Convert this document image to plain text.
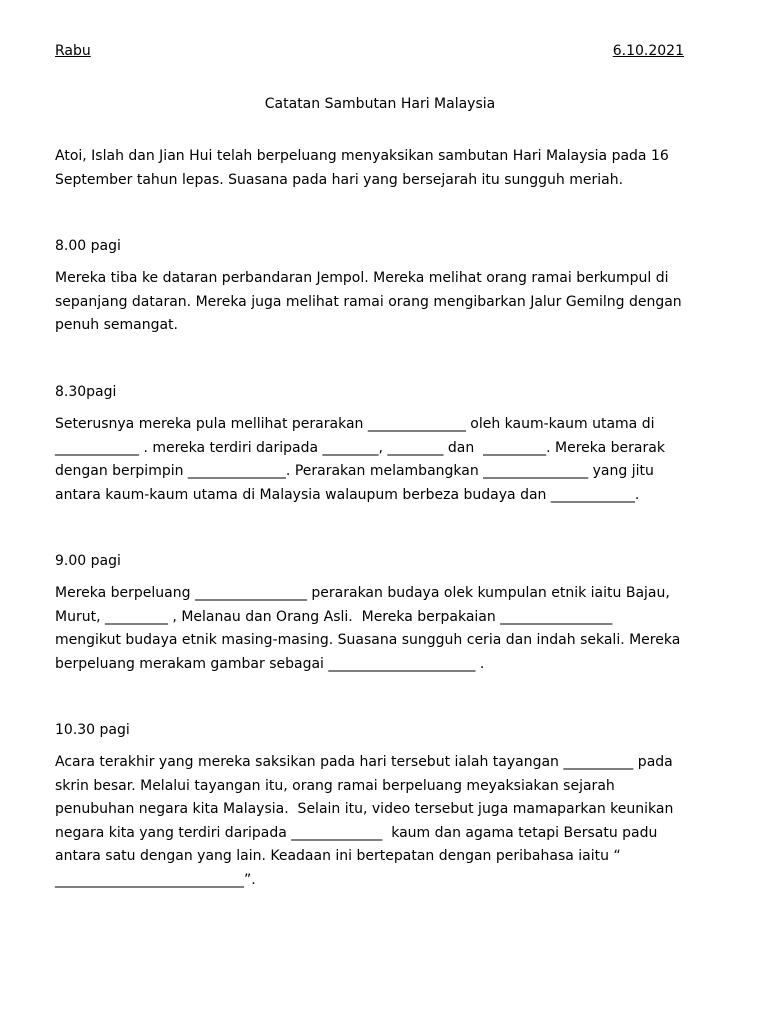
Rabu	6.10.2021
Catatan Sambutan Hari Malaysia

Atoi, Islah dan Jian Hui telah berpeluang menyaksikan sambutan Hari Malaysia pada 16
September tahun lepas. Suasana pada hari yang bersejarah itu sungguh meriah.

8.00 pagi

Mereka tiba ke dataran perbandaran Jempol. Mereka melihat orang ramai berkumpul di
sepanjang dataran. Mereka juga melihat ramai orang mengibarkan Jalur Gemilng dengan
penuh semangat.

8.30pagi

Seterusnya mereka pula mellihat perarakan ______________ oleh kaum-kaum utama di
____________ . mereka terdiri daripada ________, ________ dan  _________. Mereka berarak
dengan berpimpin ______________. Perarakan melambangkan _______________ yang jitu
antara kaum-kaum utama di Malaysia walaupum berbeza budaya dan ____________.

9.00 pagi

Mereka berpeluang ________________ perarakan budaya olek kumpulan etnik iaitu Bajau,
Murut, _________ , Melanau dan Orang Asli.  Mereka berpakaian ________________
mengikut budaya etnik masing-masing. Suasana sungguh ceria dan indah sekali. Mereka
berpeluang merakam gambar sebagai _____________________ .

10.30 pagi

Acara terakhir yang mereka saksikan pada hari tersebut ialah tayangan __________ pada
skrin besar. Melalui tayangan itu, orang ramai berpeluang meyaksiakan sejarah
penubuhan negara kita Malaysia.  Selain itu, video tersebut juga mamaparkan keunikan
negara kita yang terdiri daripada _____________  kaum dan agama tetapi Bersatu padu
antara satu dengan yang lain. Keadaan ini bertepatan dengan peribahasa iaitu “
___________________________”.
